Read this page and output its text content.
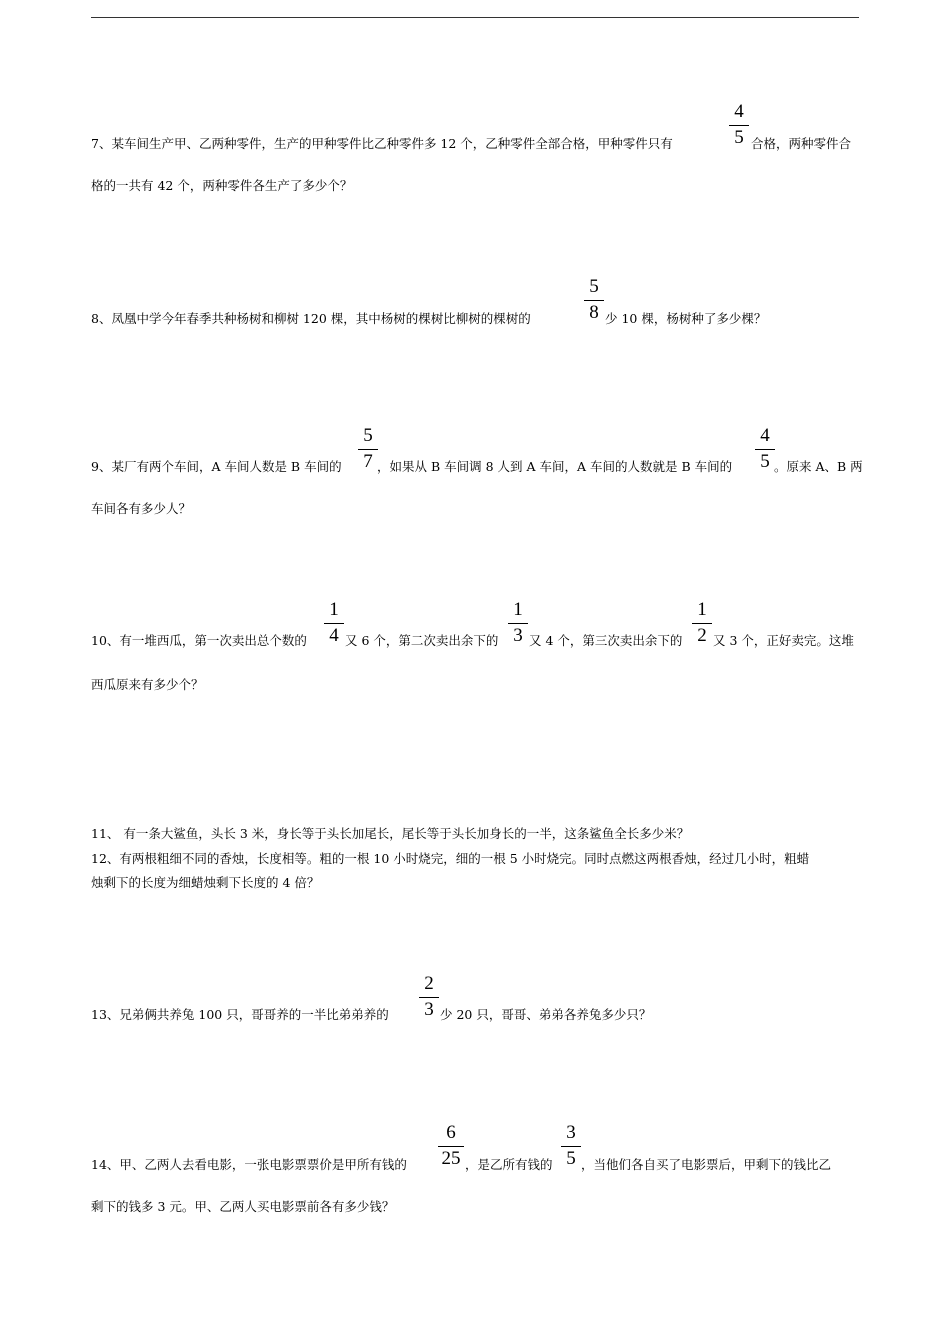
7、某车间生产甲、乙两种零件，生产的甲种零件比乙种零件多 12 个，乙种零件全部合格，甲种零件只有
4
5 合格，两种零件合
格的一共有 42 个，两种零件各生产了多少个？
8、凤凰中学今年春季共种杨树和柳树 120 棵，其中杨树的棵树比柳树的棵树的
5
8 少 10 棵，杨树种了多少棵？
9、某厂有两个车间，A 车间人数是 B 车间的
5
7 ，如果从 B 车间调 8 人到 A 车间，A 车间的人数就是 B 车间的
4
5 。原来 A、B 两
车间各有多少人？
10、有一堆西瓜，第一次卖出总个数的
1
4 又 6 个，第二次卖出余下的
1
3 又 4 个，第三次卖出余下的
1
2 又 3 个，正好卖完。这堆
西瓜原来有多少个？
11、 有一条大鲨鱼，头长 3 米，身长等于头长加尾长，尾长等于头长加身长的一半，这条鲨鱼全长多少米？
12、有两根粗细不同的香烛，长度相等。粗的一根 10 小时烧完，细的一根 5 小时烧完。同时点燃这两根香烛，经过几小时，粗蜡
烛剩下的长度为细蜡烛剩下长度的 4 倍？
13、兄弟俩共养兔 100 只，哥哥养的一半比弟弟养的
2
3 少 20 只，哥哥、弟弟各养兔多少只？
14、甲、乙两人去看电影，一张电影票票价是甲所有钱的
6
25 ，是乙所有钱的
3
5 ，当他们各自买了电影票后，甲剩下的钱比乙
剩下的钱多 3 元。甲、乙两人买电影票前各有多少钱？
